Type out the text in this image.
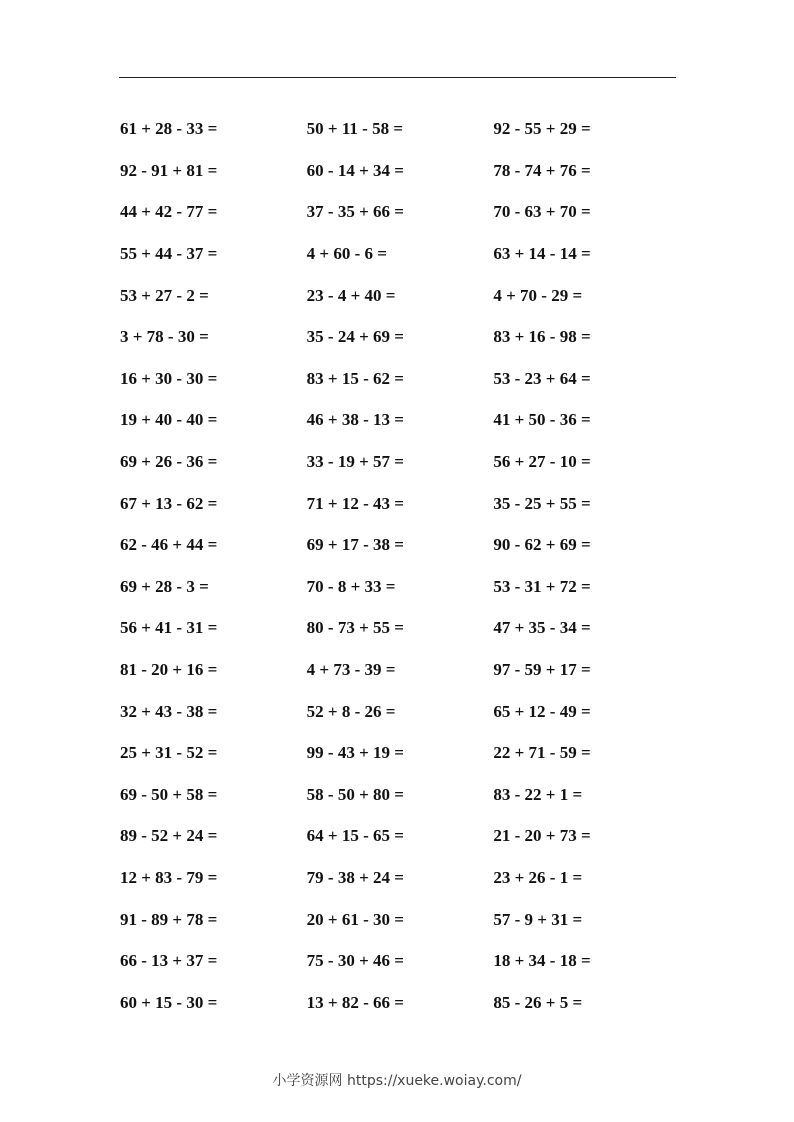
61 + 28 - 33 =	50 + 11 - 58 =	92 - 55 + 29 =
92 - 91 + 81 =	60 - 14 + 34 =	78 - 74 + 76 =
44 + 42 - 77 =	37 - 35 + 66 =	70 - 63 + 70 =
55 + 44 - 37 =	4 + 60 - 6 =	63 + 14 - 14 =
53 + 27 - 2 =	23 - 4 + 40 =	4 + 70 - 29 =
3 + 78 - 30 =	35 - 24 + 69 =	83 + 16 - 98 =
16 + 30 - 30 =	83 + 15 - 62 =	53 - 23 + 64 =
19 + 40 - 40 =	46 + 38 - 13 =	41 + 50 - 36 =
69 + 26 - 36 =	33 - 19 + 57 =	56 + 27 - 10 =
67 + 13 - 62 =	71 + 12 - 43 =	35 - 25 + 55 =
62 - 46 + 44 =	69 + 17 - 38 =	90 - 62 + 69 =
69 + 28 - 3 =	70 - 8 + 33 =	53 - 31 + 72 =
56 + 41 - 31 =	80 - 73 + 55 =	47 + 35 - 34 =
81 - 20 + 16 =	4 + 73 - 39 =	97 - 59 + 17 =
32 + 43 - 38 =	52 + 8 - 26 =	65 + 12 - 49 =
25 + 31 - 52 =	99 - 43 + 19 =	22 + 71 - 59 =
69 - 50 + 58 =	58 - 50 + 80 =	83 - 22 + 1 =
89 - 52 + 24 =	64 + 15 - 65 =	21 - 20 + 73 =
12 + 83 - 79 =	79 - 38 + 24 =	23 + 26 - 1 =
91 - 89 + 78 =	20 + 61 - 30 =	57 - 9 + 31 =
66 - 13 + 37 =	75 - 30 + 46 =	18 + 34 - 18 =
60 + 15 - 30 =	13 + 82 - 66 =	85 - 26 + 5 =
小学资源网 https://xueke.woiay.com/
